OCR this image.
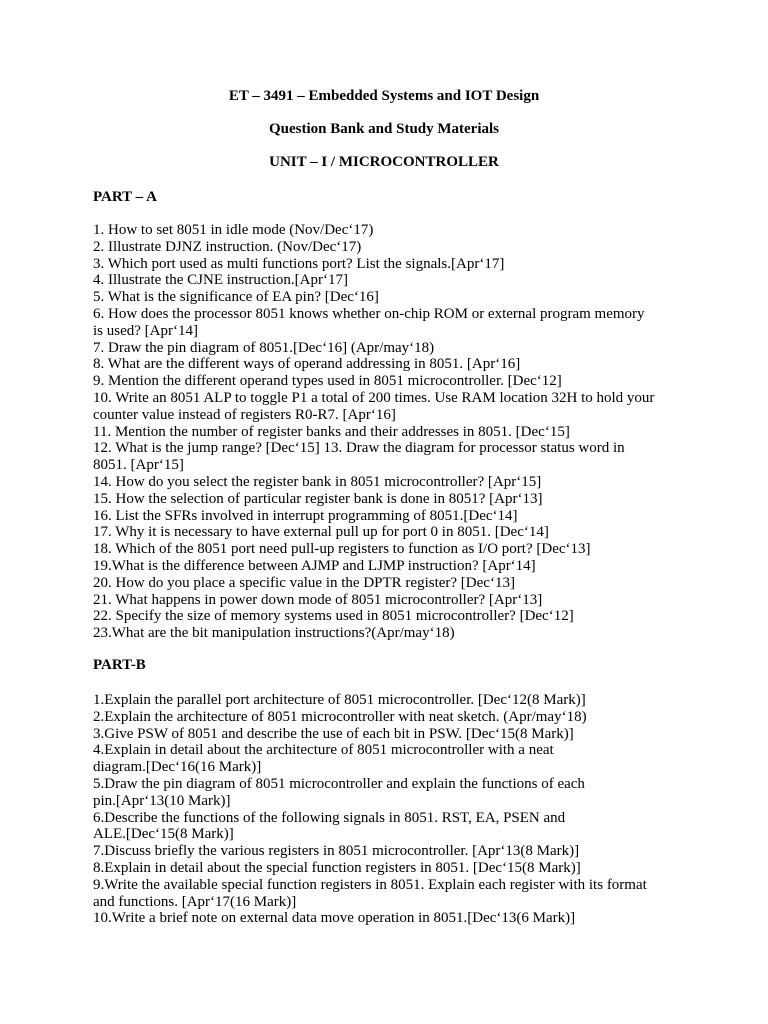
ET – 3491 – Embedded Systems and IOT Design

Question Bank and Study Materials

UNIT – I / MICROCONTROLLER

PART – A

1. How to set 8051 in idle mode (Nov/Dec‘17)
2. Illustrate DJNZ instruction. (Nov/Dec‘17)
3. Which port used as multi functions port? List the signals.[Apr‘17]
4. Illustrate the CJNE instruction.[Apr‘17]
5. What is the significance of EA pin? [Dec‘16]
6. How does the processor 8051 knows whether on-chip ROM or external program memory
is used? [Apr‘14]
7. Draw the pin diagram of 8051.[Dec‘16] (Apr/may‘18)
8. What are the different ways of operand addressing in 8051. [Apr‘16]
9. Mention the different operand types used in 8051 microcontroller. [Dec‘12]
10. Write an 8051 ALP to toggle P1 a total of 200 times. Use RAM location 32H to hold your
counter value instead of registers R0-R7. [Apr‘16]
11. Mention the number of register banks and their addresses in 8051. [Dec‘15]
12. What is the jump range? [Dec‘15] 13. Draw the diagram for processor status word in
8051. [Apr‘15]
14. How do you select the register bank in 8051 microcontroller? [Apr‘15]
15. How the selection of particular register bank is done in 8051? [Apr‘13]
16. List the SFRs involved in interrupt programming of 8051.[Dec‘14]
17. Why it is necessary to have external pull up for port 0 in 8051. [Dec‘14]
18. Which of the 8051 port need pull-up registers to function as I/O port? [Dec‘13]
19.What is the difference between AJMP and LJMP instruction? [Apr‘14]
20. How do you place a specific value in the DPTR register? [Dec‘13]
21. What happens in power down mode of 8051 microcontroller? [Apr‘13]
22. Specify the size of memory systems used in 8051 microcontroller? [Dec‘12]
23.What are the bit manipulation instructions?(Apr/may‘18)

PART-B

1.Explain the parallel port architecture of 8051 microcontroller. [Dec‘12(8 Mark)]
2.Explain the architecture of 8051 microcontroller with neat sketch. (Apr/may‘18)
3.Give PSW of 8051 and describe the use of each bit in PSW. [Dec‘15(8 Mark)]
4.Explain in detail about the architecture of 8051 microcontroller with a neat
diagram.[Dec‘16(16 Mark)]
5.Draw the pin diagram of 8051 microcontroller and explain the functions of each
pin.[Apr‘13(10 Mark)]
6.Describe the functions of the following signals in 8051. RST, EA, PSEN and
ALE.[Dec‘15(8 Mark)]
7.Discuss briefly the various registers in 8051 microcontroller. [Apr‘13(8 Mark)]
8.Explain in detail about the special function registers in 8051. [Dec‘15(8 Mark)]
9.Write the available special function registers in 8051. Explain each register with its format
and functions. [Apr‘17(16 Mark)]
10.Write a brief note on external data move operation in 8051.[Dec‘13(6 Mark)]
